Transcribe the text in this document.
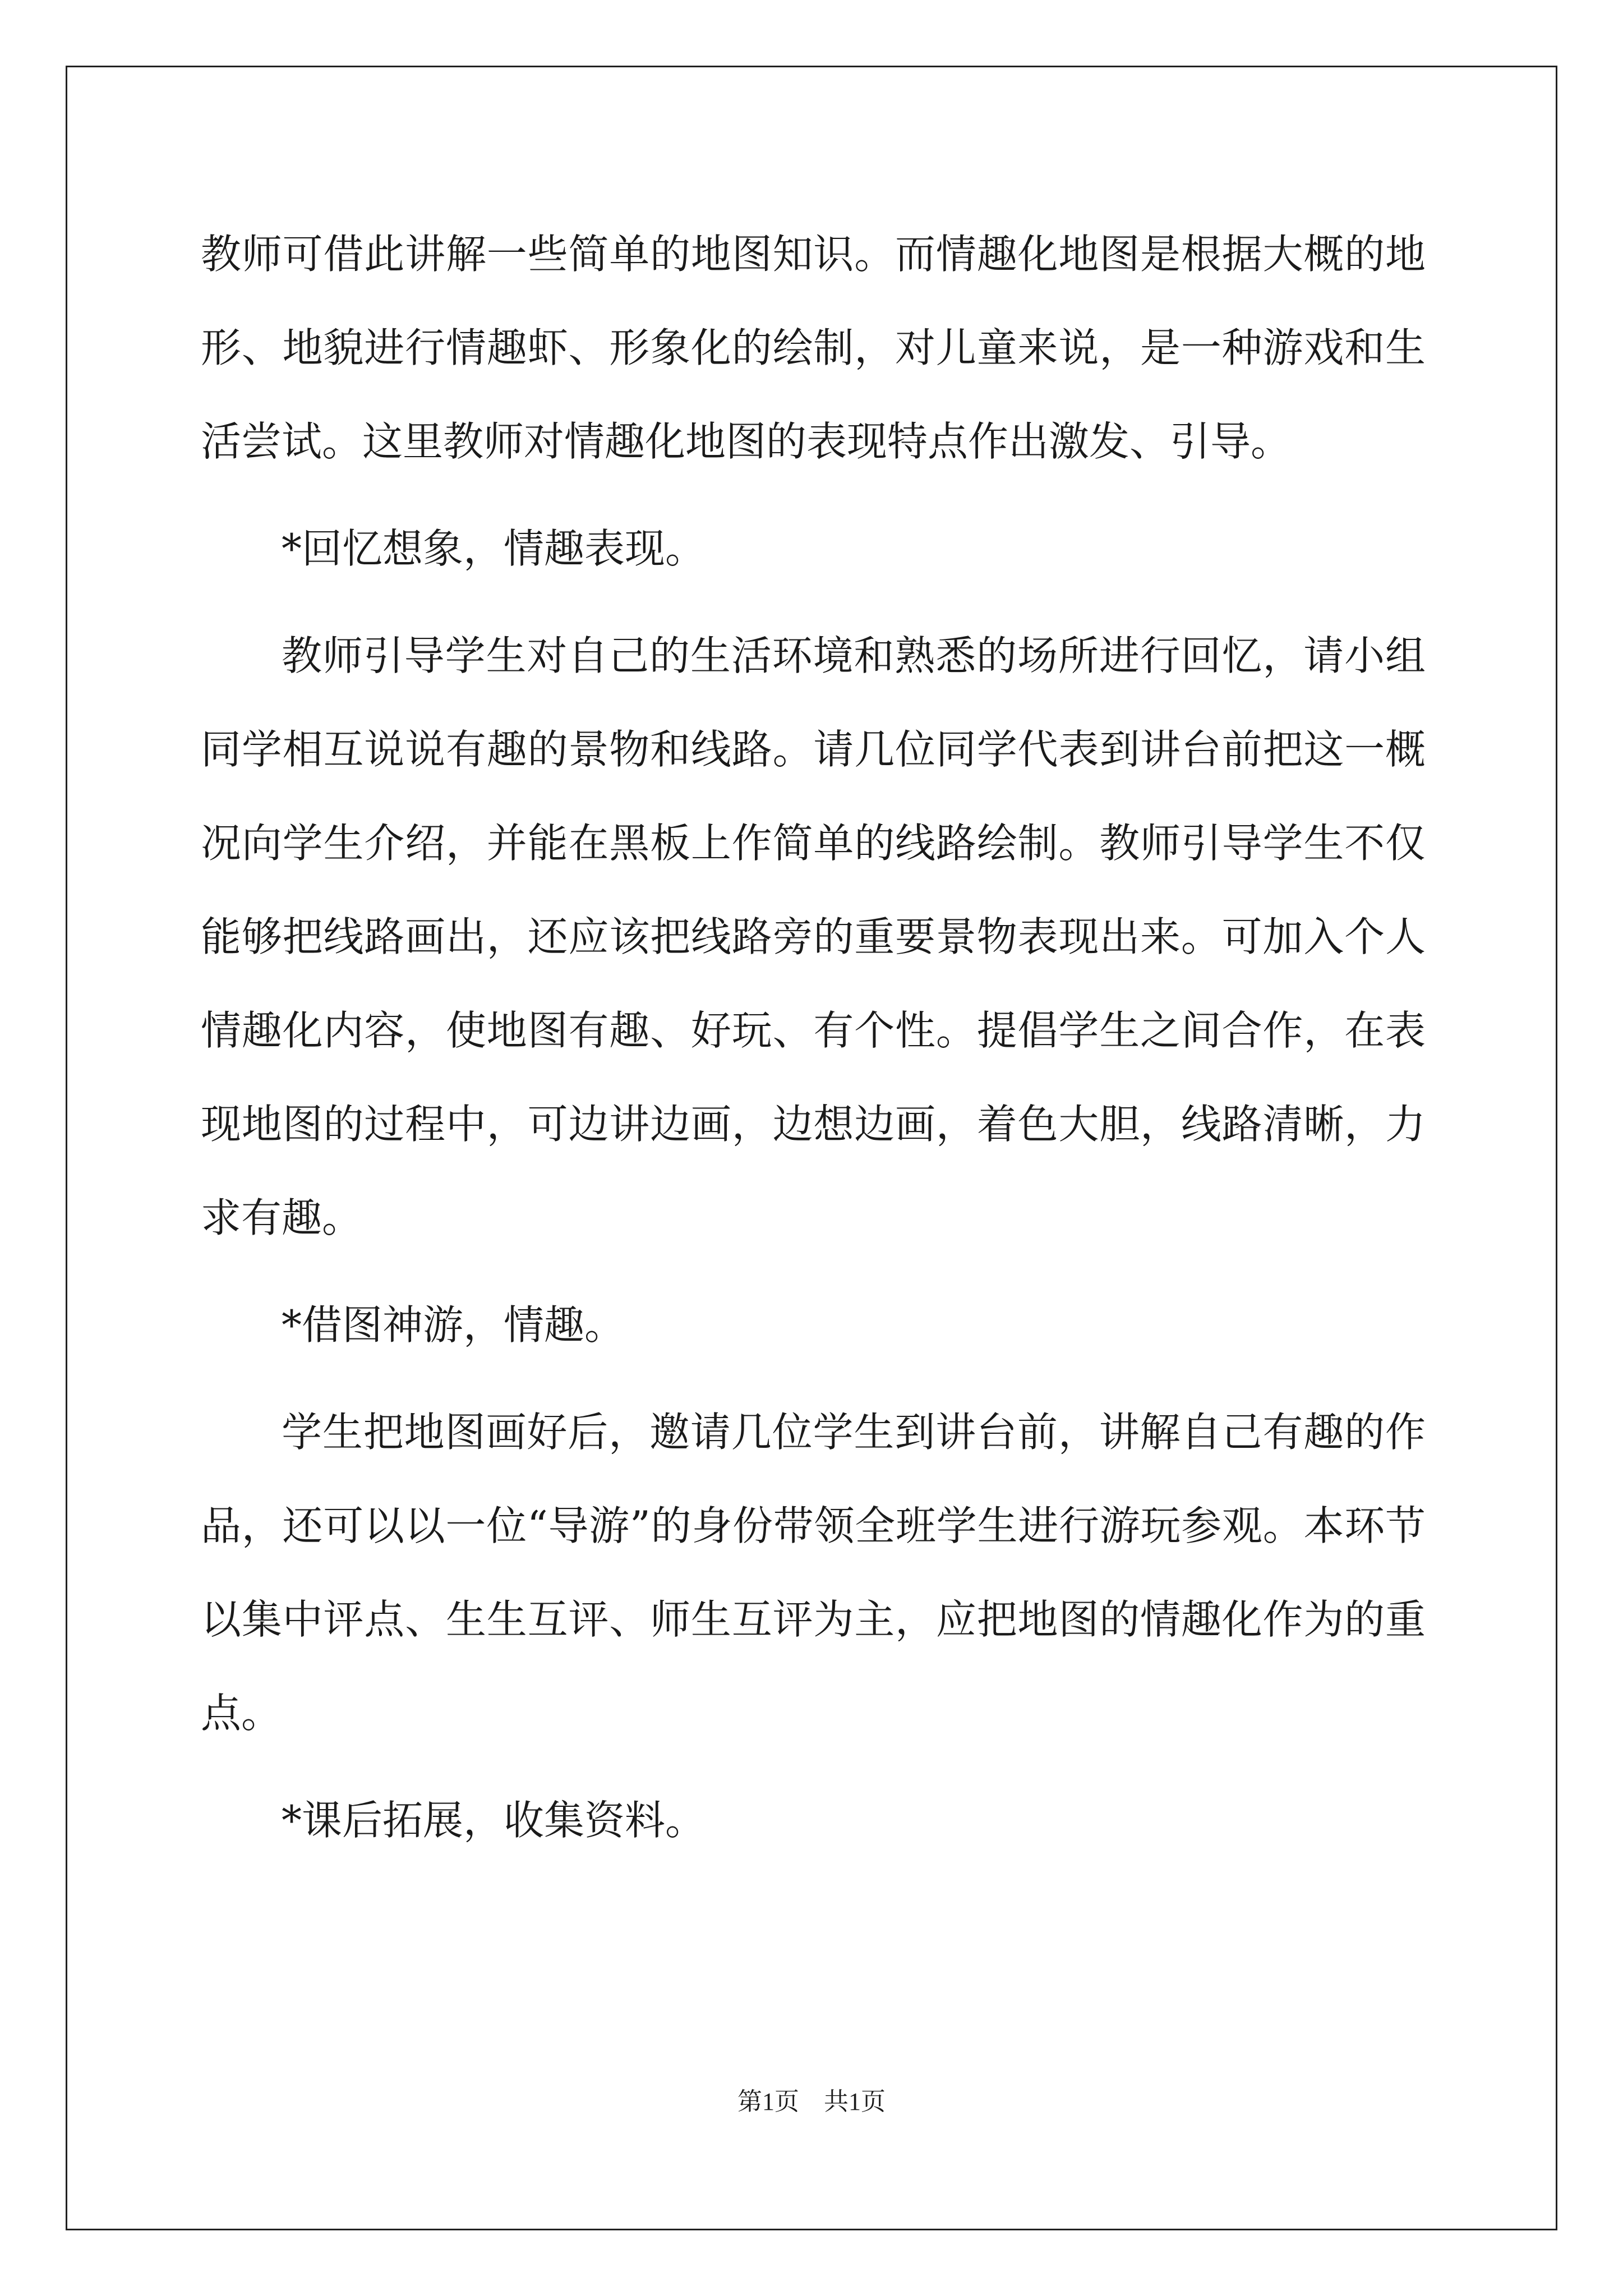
教师可借此讲解一些简单的地图知识。而情趣化地图是根据大概的地形、地貌进行情趣虾、形象化的绘制，对儿童来说，是一种游戏和生活尝试。这里教师对情趣化地图的表现特点作出激发、引导。

*回忆想象，情趣表现。

教师引导学生对自己的生活环境和熟悉的场所进行回忆，请小组同学相互说说有趣的景物和线路。请几位同学代表到讲台前把这一概况向学生介绍，并能在黑板上作简单的线路绘制。教师引导学生不仅能够把线路画出，还应该把线路旁的重要景物表现出来。可加入个人情趣化内容，使地图有趣、好玩、有个性。提倡学生之间合作，在表现地图的过程中，可边讲边画，边想边画，着色大胆，线路清晰，力求有趣。

*借图神游，情趣。

学生把地图画好后，邀请几位学生到讲台前，讲解自己有趣的作品，还可以以一位“导游”的身份带领全班学生进行游玩参观。本环节以集中评点、生生互评、师生互评为主，应把地图的情趣化作为的重点。

*课后拓展，收集资料。

第1页　共1页
